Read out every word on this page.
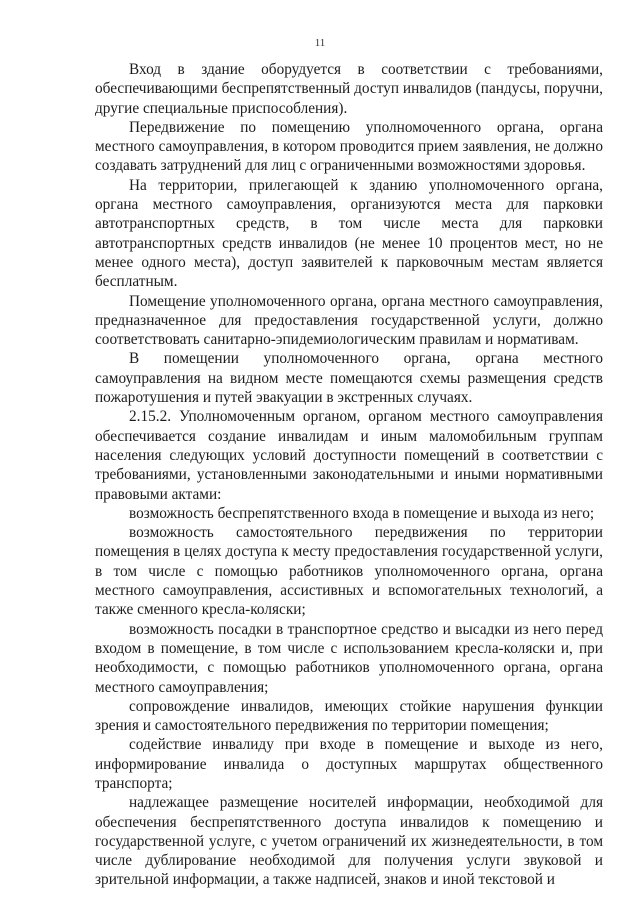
11

Вход в здание оборудуется в соответствии с требованиями, обеспечивающими беспрепятственный доступ инвалидов (пандусы, поручни, другие специальные приспособления).

Передвижение по помещению уполномоченного органа, органа местного самоуправления, в котором проводится прием заявления, не должно создавать затруднений для лиц с ограниченными возможностями здоровья.

На территории, прилегающей к зданию уполномоченного органа, органа местного самоуправления, организуются места для парковки автотранспортных средств, в том числе места для парковки автотранспортных средств инвалидов (не менее 10 процентов мест, но не менее одного места), доступ заявителей к парковочным местам является бесплатным.

Помещение уполномоченного органа, органа местного самоуправления, предназначенное для предоставления государственной услуги, должно соответствовать санитарно-эпидемиологическим правилам и нормативам.

В помещении уполномоченного органа, органа местного самоуправления на видном месте помещаются схемы размещения средств пожаротушения и путей эвакуации в экстренных случаях.

2.15.2. Уполномоченным органом, органом местного самоуправления обеспечивается создание инвалидам и иным маломобильным группам населения следующих условий доступности помещений в соответствии с требованиями, установленными законодательными и иными нормативными правовыми актами:

возможность беспрепятственного входа в помещение и выхода из него;

возможность самостоятельного передвижения по территории помещения в целях доступа к месту предоставления государственной услуги, в том числе с помощью работников уполномоченного органа, органа местного самоуправления, ассистивных и вспомогательных технологий, а также сменного кресла-коляски;

возможность посадки в транспортное средство и высадки из него перед входом в помещение, в том числе с использованием кресла-коляски и, при необходимости, с помощью работников уполномоченного органа, органа местного самоуправления;

сопровождение инвалидов, имеющих стойкие нарушения функции зрения и самостоятельного передвижения по территории помещения;

содействие инвалиду при входе в помещение и выходе из него, информирование инвалида о доступных маршрутах общественного транспорта;

надлежащее размещение носителей информации, необходимой для обеспечения беспрепятственного доступа инвалидов к помещению и государственной услуге, с учетом ограничений их жизнедеятельности, в том числе дублирование необходимой для получения услуги звуковой и зрительной информации, а также надписей, знаков и иной текстовой и
